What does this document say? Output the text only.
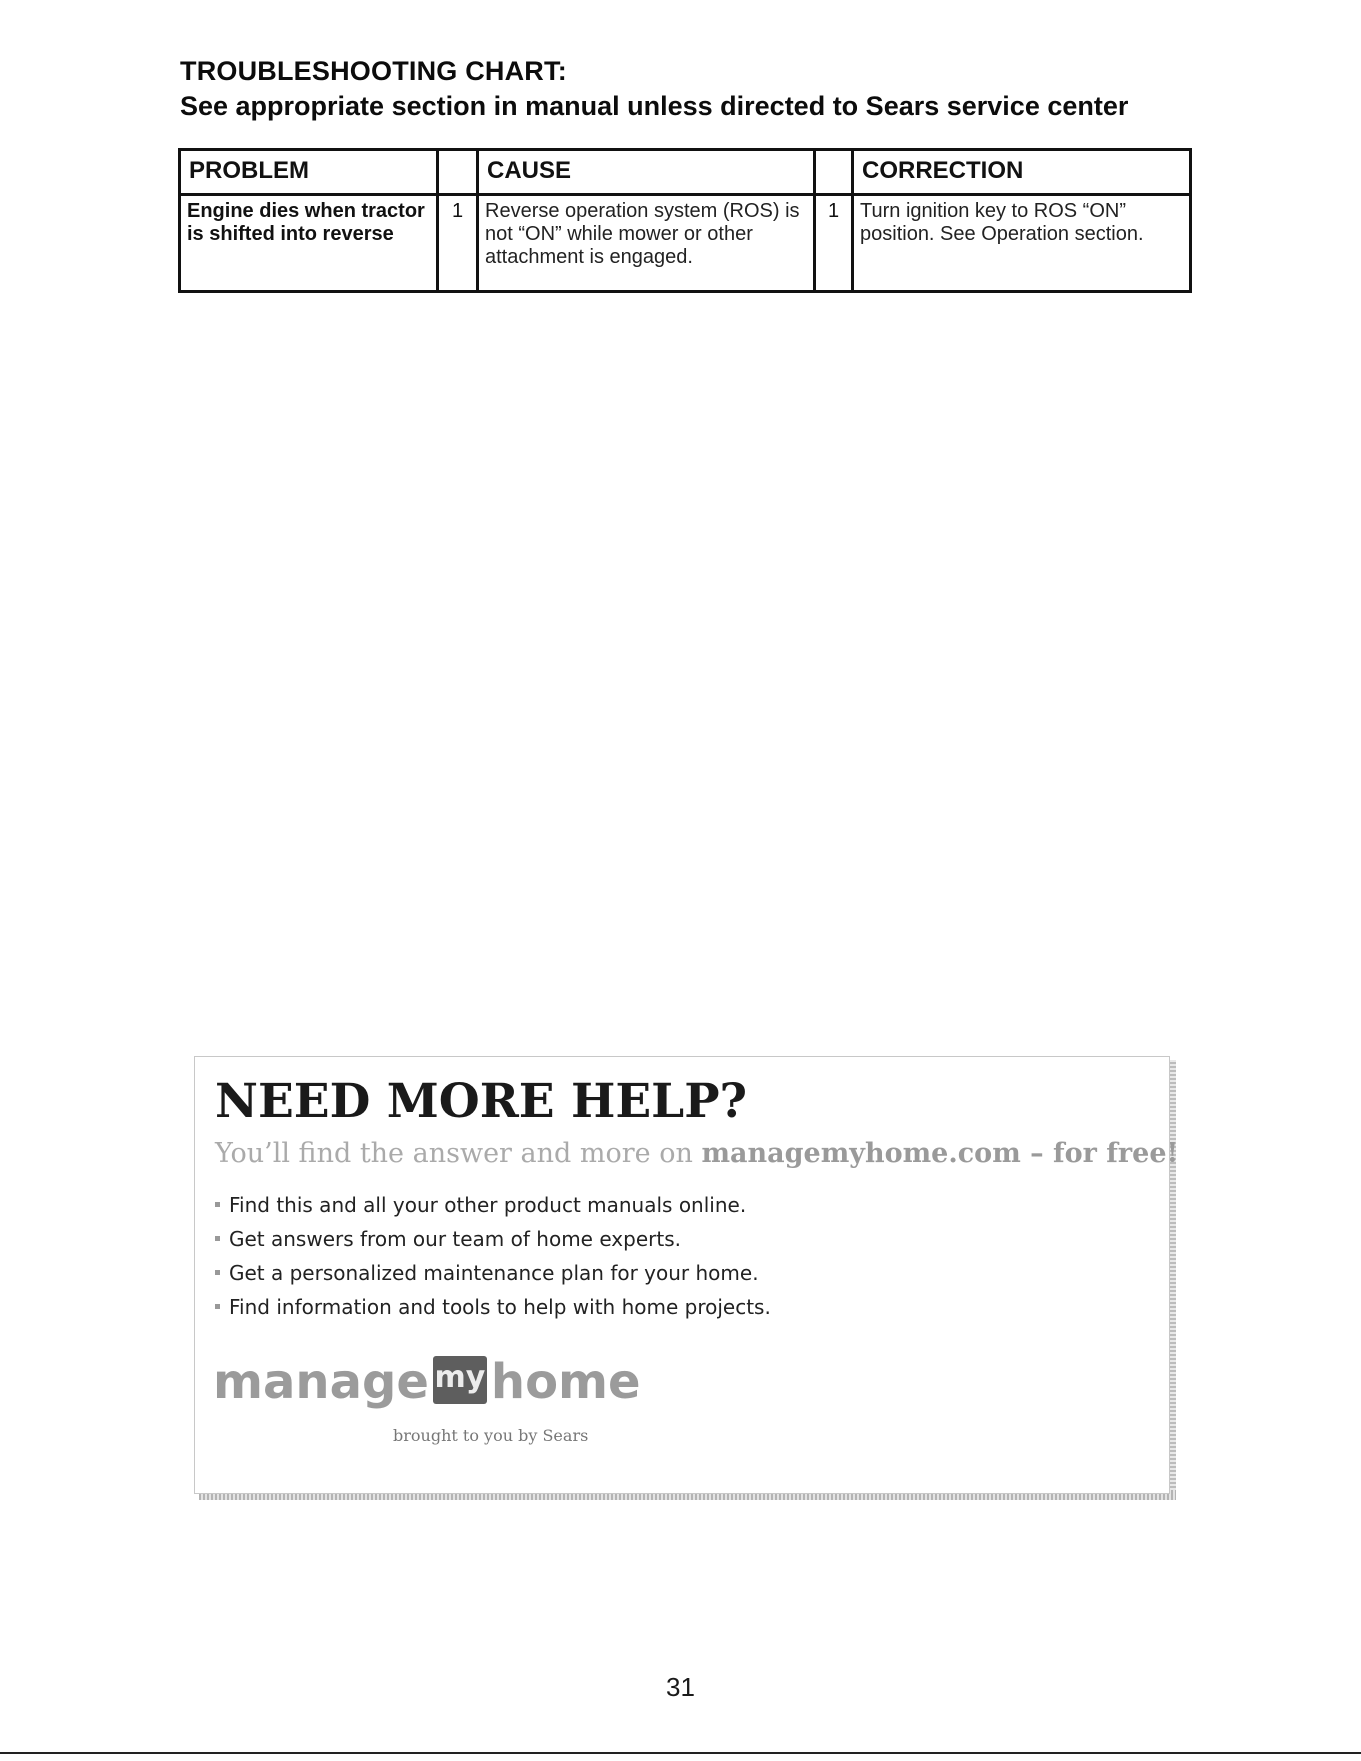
TROUBLESHOOTING CHART:
See appropriate section in manual unless directed to Sears service center
PROBLEM		CAUSE		CORRECTION
Engine dies when tractor is shifted into reverse	1	Reverse operation system (ROS) is not “ON” while mower or other attachment is engaged.	1	Turn ignition key to ROS “ON” position. See Operation section.
NEED MORE HELP?
You’ll find the answer and more on managemyhome.com – for free!
Find this and all your other product manuals online.
Get answers from our team of home experts.
Get a personalized maintenance plan for your home.
Find information and tools to help with home projects.
manage my home
brought to you by Sears
31
